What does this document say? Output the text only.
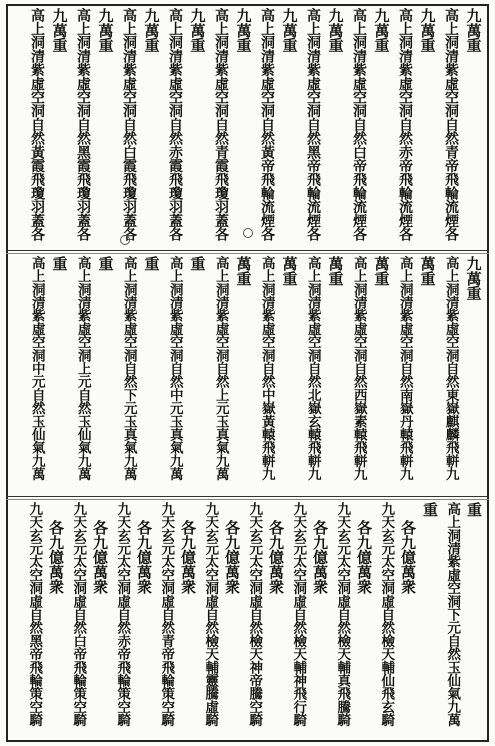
九萬重
高上洞清紫虛空洞自然青帝飛輪流煙各
九萬重
高上洞清紫虛空洞自然赤帝飛輪流煙各
九萬重
高上洞清紫虛空洞自然白帝飛輪流煙各
九萬重
高上洞清紫虛空洞自然黑帝飛輪流煙各
九萬重
高上洞清紫虛空洞自然黃帝飛輪流煙各
九萬重
高上洞清紫虛空洞自然青霞飛瓊羽蓋各
九萬重
高上洞清紫虛空洞自然赤霞飛瓊羽蓋各
九萬重
高上洞清紫虛空洞自然白霞飛瓊羽蓋各
九萬重
高上洞清紫虛空洞自然黑霞飛瓊羽蓋各
九萬重
高上洞清紫虛空洞自然黃霞飛瓊羽蓋各
九萬重
高上洞清紫虛空洞自然東嶽麒麟飛軿九
萬重
高上洞清紫虛空洞自然南嶽丹轅飛軿九
萬重
高上洞清紫虛空洞自然西嶽素轅飛軿九
萬重
高上洞清紫虛空洞自然北嶽玄轅飛軿九
萬重
高上洞清紫虛空洞自然中嶽黃轅飛軿九
萬重
高上洞清紫虛空洞自然上元玉真氣九萬
重
高上洞清紫虛空洞自然中元玉真氣九萬
重
高上洞清紫虛空洞自然下元玉真氣九萬
重
高上洞清紫虛空洞上元自然玉仙氣九萬
重
高上洞清紫虛空洞中元自然玉仙氣九萬
重
高上洞清紫虛空洞下元自然玉仙氣九萬
重
各九億萬衆
九天玄元太空洞虛自然檢天輔仙飛玄騎
各九億萬衆
九天玄元太空洞虛自然檢天輔真飛騰騎
各九億萬衆
九天玄元太空洞虛自然檢天輔神飛行騎
各九億萬衆
九天玄元太空洞虛自然檢天神帝騰空騎
各九億萬衆
九天玄元太空洞虛自然檢天輔靈騰虛騎
各九億萬衆
九天玄元太空洞虛自然青帝飛輪策空騎
各九億萬衆
九天玄元太空洞虛自然赤帝飛輪策空騎
各九億萬衆
九天玄元太空洞虛自然白帝飛輪策空騎
各九億萬衆
九天玄元太空洞虛自然黑帝飛輪策空騎
